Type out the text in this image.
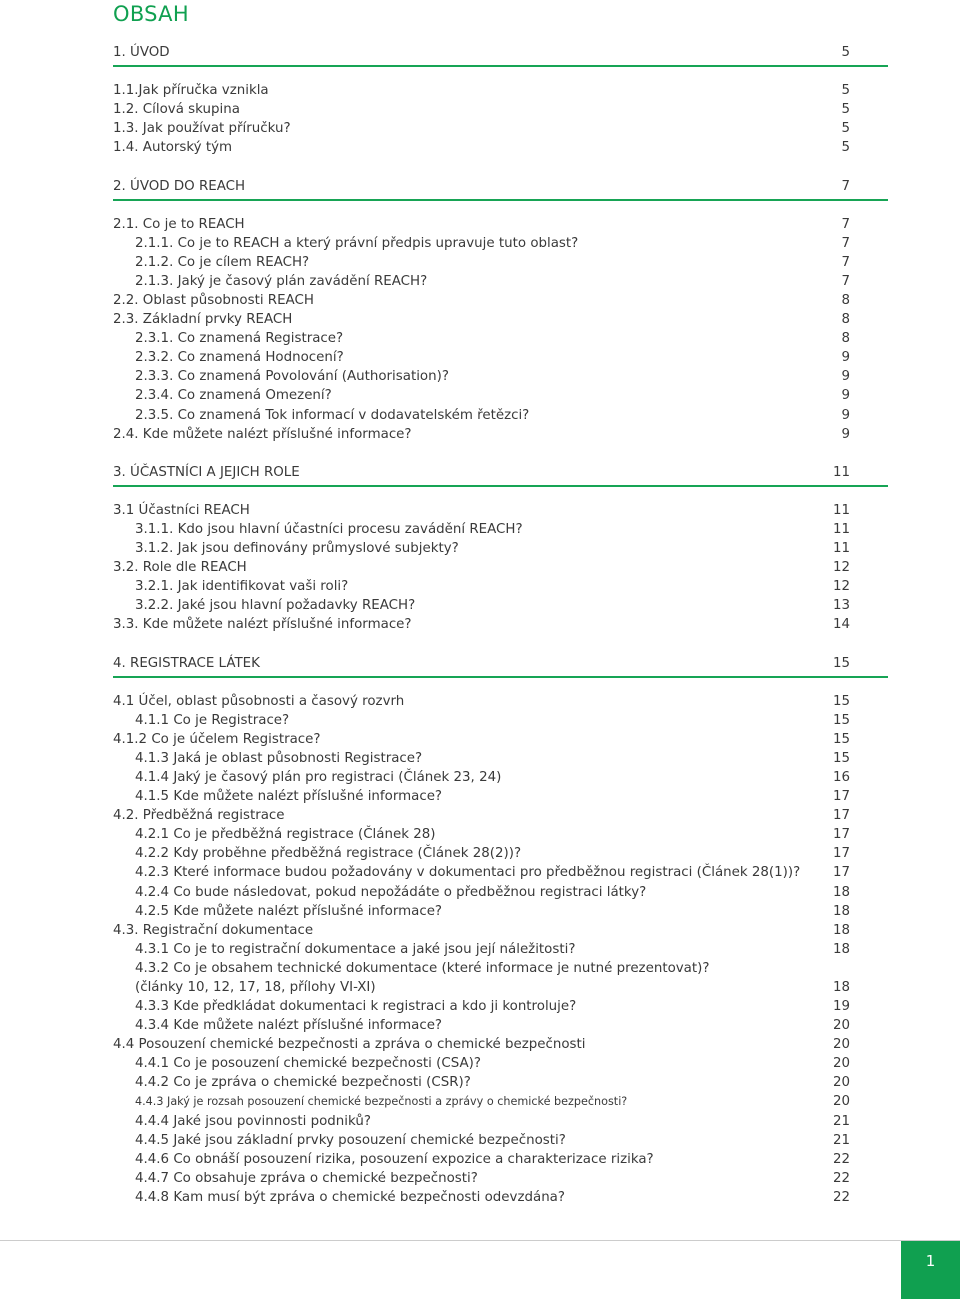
OBSAH
1. ÚVOD	5
1.1.Jak příručka vznikla	5
1.2. Cílová skupina	5
1.3. Jak používat příručku?	5
1.4. Autorský tým	5
2. ÚVOD DO REACH	7
2.1. Co je to REACH	7
2.1.1. Co je to REACH a který právní předpis upravuje tuto oblast?	7
2.1.2. Co je cílem REACH?	7
2.1.3. Jaký je časový plán zavádění REACH?	7
2.2. Oblast působnosti REACH	8
2.3. Základní prvky REACH	8
2.3.1. Co znamená Registrace?	8
2.3.2. Co znamená Hodnocení?	9
2.3.3. Co znamená Povolování (Authorisation)?	9
2.3.4. Co znamená Omezení?	9
2.3.5. Co znamená Tok informací v dodavatelském řetězci?	9
2.4. Kde můžete nalézt příslušné informace?	9
3. ÚČASTNÍCI A JEJICH ROLE	11
3.1 Účastníci REACH	11
3.1.1. Kdo jsou hlavní účastníci procesu zavádění REACH?	11
3.1.2. Jak jsou definovány průmyslové subjekty?	11
3.2. Role dle REACH	12
3.2.1. Jak identifikovat vaši roli?	12
3.2.2. Jaké jsou hlavní požadavky REACH?	13
3.3. Kde můžete nalézt příslušné informace?	14
4. REGISTRACE LÁTEK	15
4.1 Účel, oblast působnosti a časový rozvrh	15
4.1.1 Co je Registrace?	15
4.1.2 Co je účelem Registrace?	15
4.1.3 Jaká je oblast působnosti Registrace?	15
4.1.4 Jaký je časový plán pro registraci (Článek 23, 24)	16
4.1.5 Kde můžete nalézt příslušné informace?	17
4.2. Předběžná registrace	17
4.2.1 Co je předběžná registrace (Článek 28)	17
4.2.2 Kdy proběhne předběžná registrace (Článek 28(2))?	17
4.2.3 Které informace budou požadovány v dokumentaci pro předběžnou registraci (Článek 28(1))?	17
4.2.4 Co bude následovat, pokud nepožádáte o předběžnou registraci látky?	18
4.2.5 Kde můžete nalézt příslušné informace?	18
4.3. Registrační dokumentace	18
4.3.1 Co je to registrační dokumentace a jaké jsou její náležitosti?	18
4.3.2 Co je obsahem technické dokumentace (které informace je nutné prezentovat)?
(články 10, 12, 17, 18, přílohy VI-XI)	18
4.3.3 Kde předkládat dokumentaci k registraci a kdo ji kontroluje?	19
4.3.4 Kde můžete nalézt příslušné informace?	20
4.4 Posouzení chemické bezpečnosti a zpráva o chemické bezpečnosti	20
4.4.1 Co je posouzení chemické bezpečnosti (CSA)?	20
4.4.2 Co je zpráva o chemické bezpečnosti (CSR)?	20
4.4.3 Jaký je rozsah posouzení chemické bezpečnosti a zprávy o chemické bezpečnosti?	20
4.4.4 Jaké jsou povinnosti podniků?	21
4.4.5 Jaké jsou základní prvky posouzení chemické bezpečnosti?	21
4.4.6 Co obnáší posouzení rizika, posouzení expozice a charakterizace rizika?	22
4.4.7 Co obsahuje zpráva o chemické bezpečnosti?	22
4.4.8 Kam musí být zpráva o chemické bezpečnosti odevzdána?	22
1
